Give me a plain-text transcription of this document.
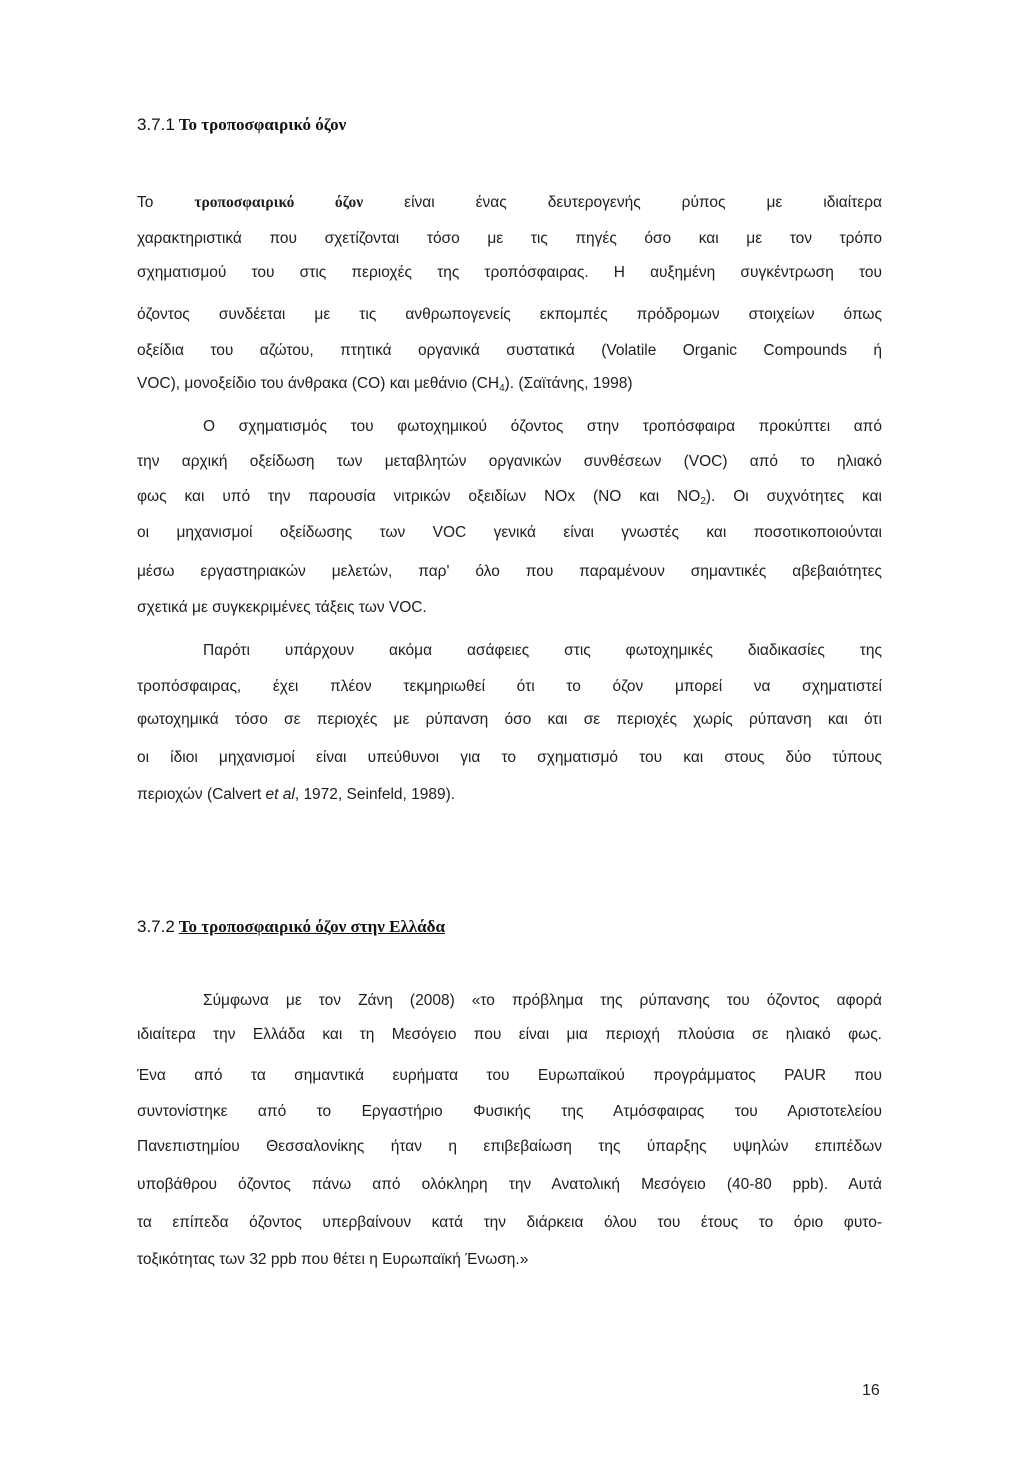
3.7.1 Το τροποσφαιρικό όζον
Το τροποσφαιρικό όζον είναι ένας δευτερογενής ρύπος με ιδιαίτερα
χαρακτηριστικά που σχετίζονται τόσο με τις πηγές όσο και με τον τρόπο
σχηματισμού του στις περιοχές της τροπόσφαιρας. Η αυξημένη συγκέντρωση του
όζοντος συνδέεται με τις ανθρωπογενείς εκπομπές πρόδρομων στοιχείων όπως
οξείδια του αζώτου, πτητικά οργανικά συστατικά (Volatile Organic Compounds ή
VOC), μονοξείδιο του άνθρακα (CO) και μεθάνιο $(CH_4)$. (Σαϊτάνης, 1998)
Ο σχηματισμός του φωτοχημικού όζοντος στην τροπόσφαιρα προκύπτει από
την αρχική οξείδωση των μεταβλητών οργανικών συνθέσεων (VOC) από το ηλιακό
φως και υπό την παρουσία νιτρικών οξειδίων NOx (NO και $NO_2$). Οι συχνότητες και
οι μηχανισμοί οξείδωσης των VOC γενικά είναι γνωστές και ποσοτικοποιούνται
μέσω εργαστηριακών μελετών, παρ' όλο που παραμένουν σημαντικές αβεβαιότητες
σχετικά με συγκεκριμένες τάξεις των VOC.
Παρότι υπάρχουν ακόμα ασάφειες στις φωτοχημικές διαδικασίες της
τροπόσφαιρας, έχει πλέον τεκμηριωθεί ότι το όζον μπορεί να σχηματιστεί
φωτοχημικά τόσο σε περιοχές με ρύπανση όσο και σε περιοχές χωρίς ρύπανση και ότι
οι ίδιοι μηχανισμοί είναι υπεύθυνοι για το σχηματισμό του και στους δύο τύπους
περιοχών (Calvert et al, 1972, Seinfeld, 1989).
3.7.2 Το τροποσφαιρικό όζον στην Ελλάδα
Σύμφωνα με τον Ζάνη (2008) «το πρόβλημα της ρύπανσης του όζοντος αφορά
ιδιαίτερα την Ελλάδα και τη Μεσόγειο που είναι μια περιοχή πλούσια σε ηλιακό φως.
Ένα από τα σημαντικά ευρήματα του Ευρωπαϊκού προγράμματος PAUR που
συντονίστηκε από το Εργαστήριο Φυσικής της Ατμόσφαιρας του Αριστοτελείου
Πανεπιστημίου Θεσσαλονίκης ήταν η επιβεβαίωση της ύπαρξης υψηλών επιπέδων
υποβάθρου όζοντος πάνω από ολόκληρη την Ανατολική Μεσόγειο (40-80 ppb). Αυτά
τα επίπεδα όζοντος υπερβαίνουν κατά την διάρκεια όλου του έτους το όριο φυτο-
τοξικότητας των 32 ppb που θέτει η Ευρωπαϊκή Ένωση.»
16
